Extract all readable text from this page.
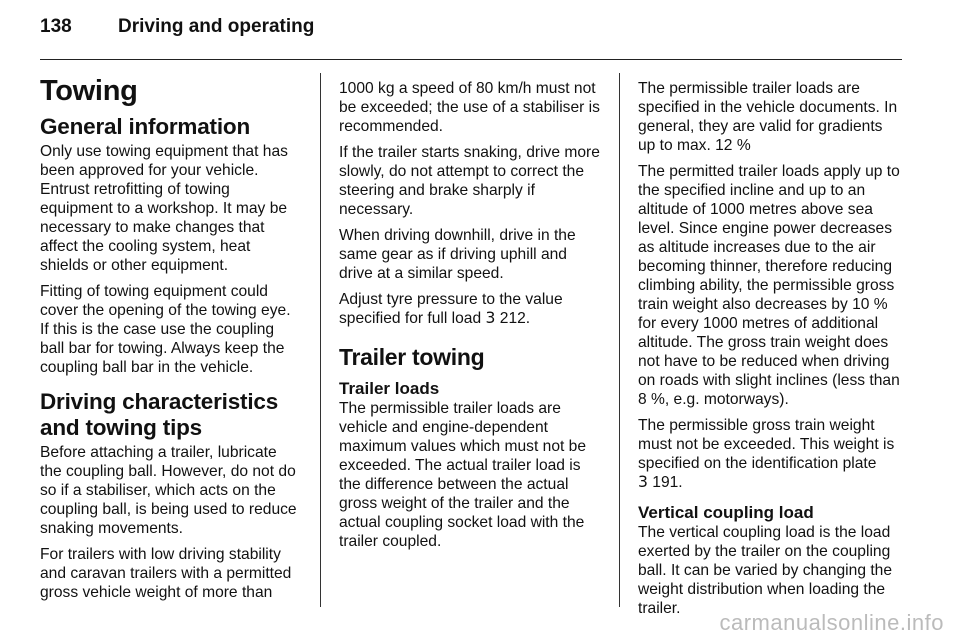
138	Driving and operating
Towing
General information

Only use towing equipment that has been approved for your vehicle. Entrust retrofitting of towing equipment to a workshop. It may be necessary to make changes that affect the cooling system, heat shields or other equipment.

Fitting of towing equipment could cover the opening of the towing eye. If this is the case use the coupling ball bar for towing. Always keep the coupling ball bar in the vehicle.

Driving characteristics and towing tips

Before attaching a trailer, lubricate the coupling ball. However, do not do so if a stabiliser, which acts on the coupling ball, is being used to reduce snaking movements.

For trailers with low driving stability and caravan trailers with a permitted gross vehicle weight of more than

1000 kg a speed of 80 km/h must not be exceeded; the use of a stabiliser is recommended.

If the trailer starts snaking, drive more slowly, do not attempt to correct the steering and brake sharply if necessary.

When driving downhill, drive in the same gear as if driving uphill and drive at a similar speed.

Adjust tyre pressure to the value specified for full load 3 212.

Trailer towing
Trailer loads

The permissible trailer loads are vehicle and engine-dependent maximum values which must not be exceeded. The actual trailer load is the difference between the actual gross weight of the trailer and the actual coupling socket load with the trailer coupled.

The permissible trailer loads are specified in the vehicle documents. In general, they are valid for gradients up to max. 12 %

The permitted trailer loads apply up to the specified incline and up to an altitude of 1000 metres above sea level. Since engine power decreases as altitude increases due to the air becoming thinner, therefore reducing climbing ability, the permissible gross train weight also decreases by 10 % for every 1000 metres of additional altitude. The gross train weight does not have to be reduced when driving on roads with slight inclines (less than 8 %, e.g. motorways).

The permissible gross train weight must not be exceeded. This weight is specified on the identification plate 3 191.

Vertical coupling load

The vertical coupling load is the load exerted by the trailer on the coupling ball. It can be varied by changing the weight distribution when loading the trailer.

carmanualsonline.info
